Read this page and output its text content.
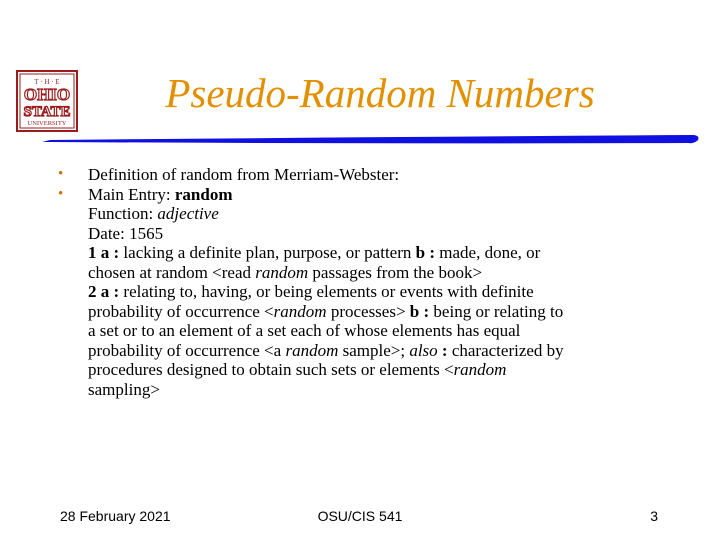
T · H · E
OHIO
STATE
UNIVERSITY
Pseudo-Random Numbers
• Definition of random from Merriam-Webster:
• Main Entry: random
Function: adjective
Date: 1565
1 a : lacking a definite plan, purpose, or pattern b : made, done, or
chosen at random <read random passages from the book>
2 a : relating to, having, or being elements or events with definite
probability of occurrence <random processes> b : being or relating to
a set or to an element of a set each of whose elements has equal
probability of occurrence <a random sample>; also : characterized by
procedures designed to obtain such sets or elements <random
sampling>
28 February 2021	OSU/CIS 541	3
